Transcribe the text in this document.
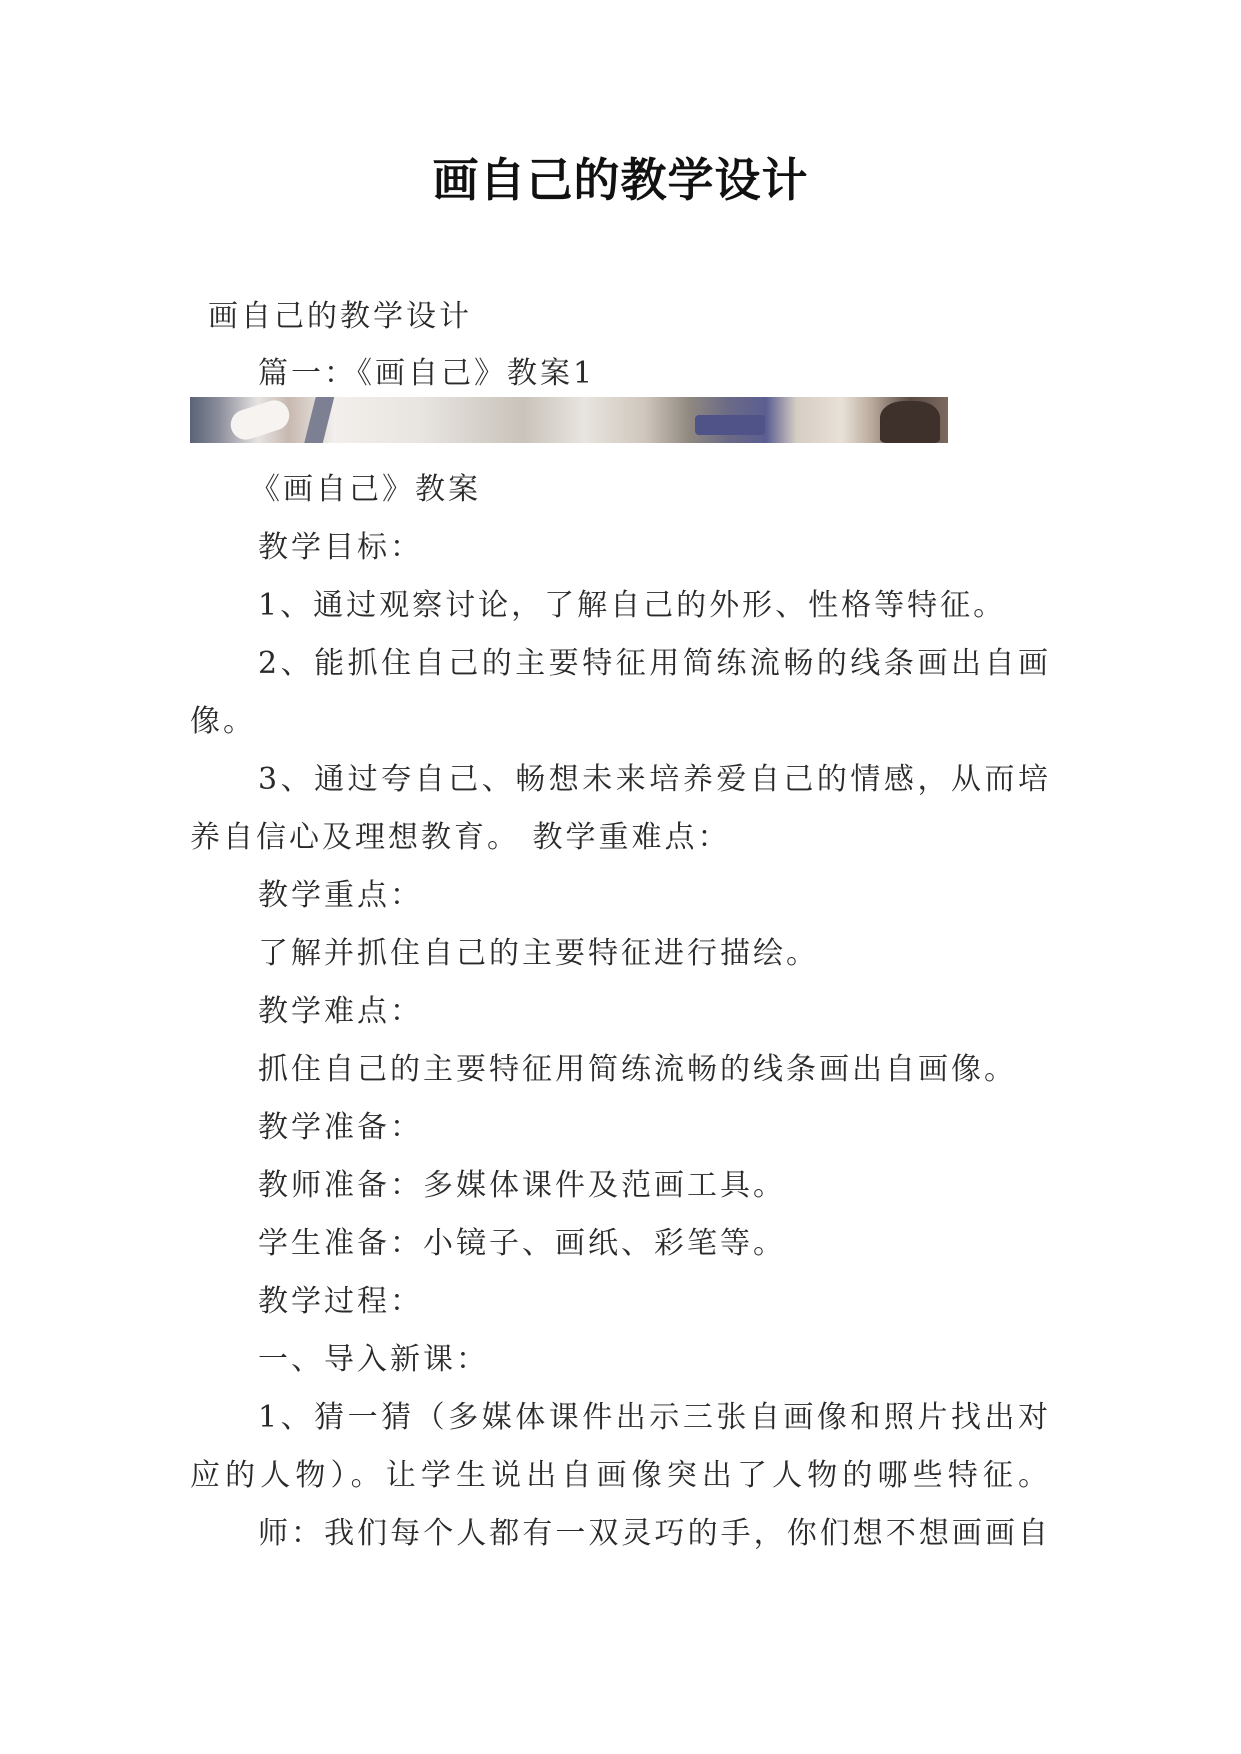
画自己的教学设计
画自己的教学设计
篇一：《画自己》教案1
《画自己》教案
教学目标：
1、通过观察讨论，了解自己的外形、性格等特征。
2、能抓住自己的主要特征用简练流畅的线条画出自画
像。
3、通过夸自己、畅想未来培养爱自己的情感，从而培
养自信心及理想教育。 教学重难点：
教学重点：
了解并抓住自己的主要特征进行描绘。
教学难点：
抓住自己的主要特征用简练流畅的线条画出自画像。
教学准备：
教师准备：多媒体课件及范画工具。
学生准备：小镜子、画纸、彩笔等。
教学过程：
一、导入新课：
1、猜一猜（多媒体课件出示三张自画像和照片找出对
应的人物）。让学生说出自画像突出了人物的哪些特征。
师：我们每个人都有一双灵巧的手，你们想不想画画自
